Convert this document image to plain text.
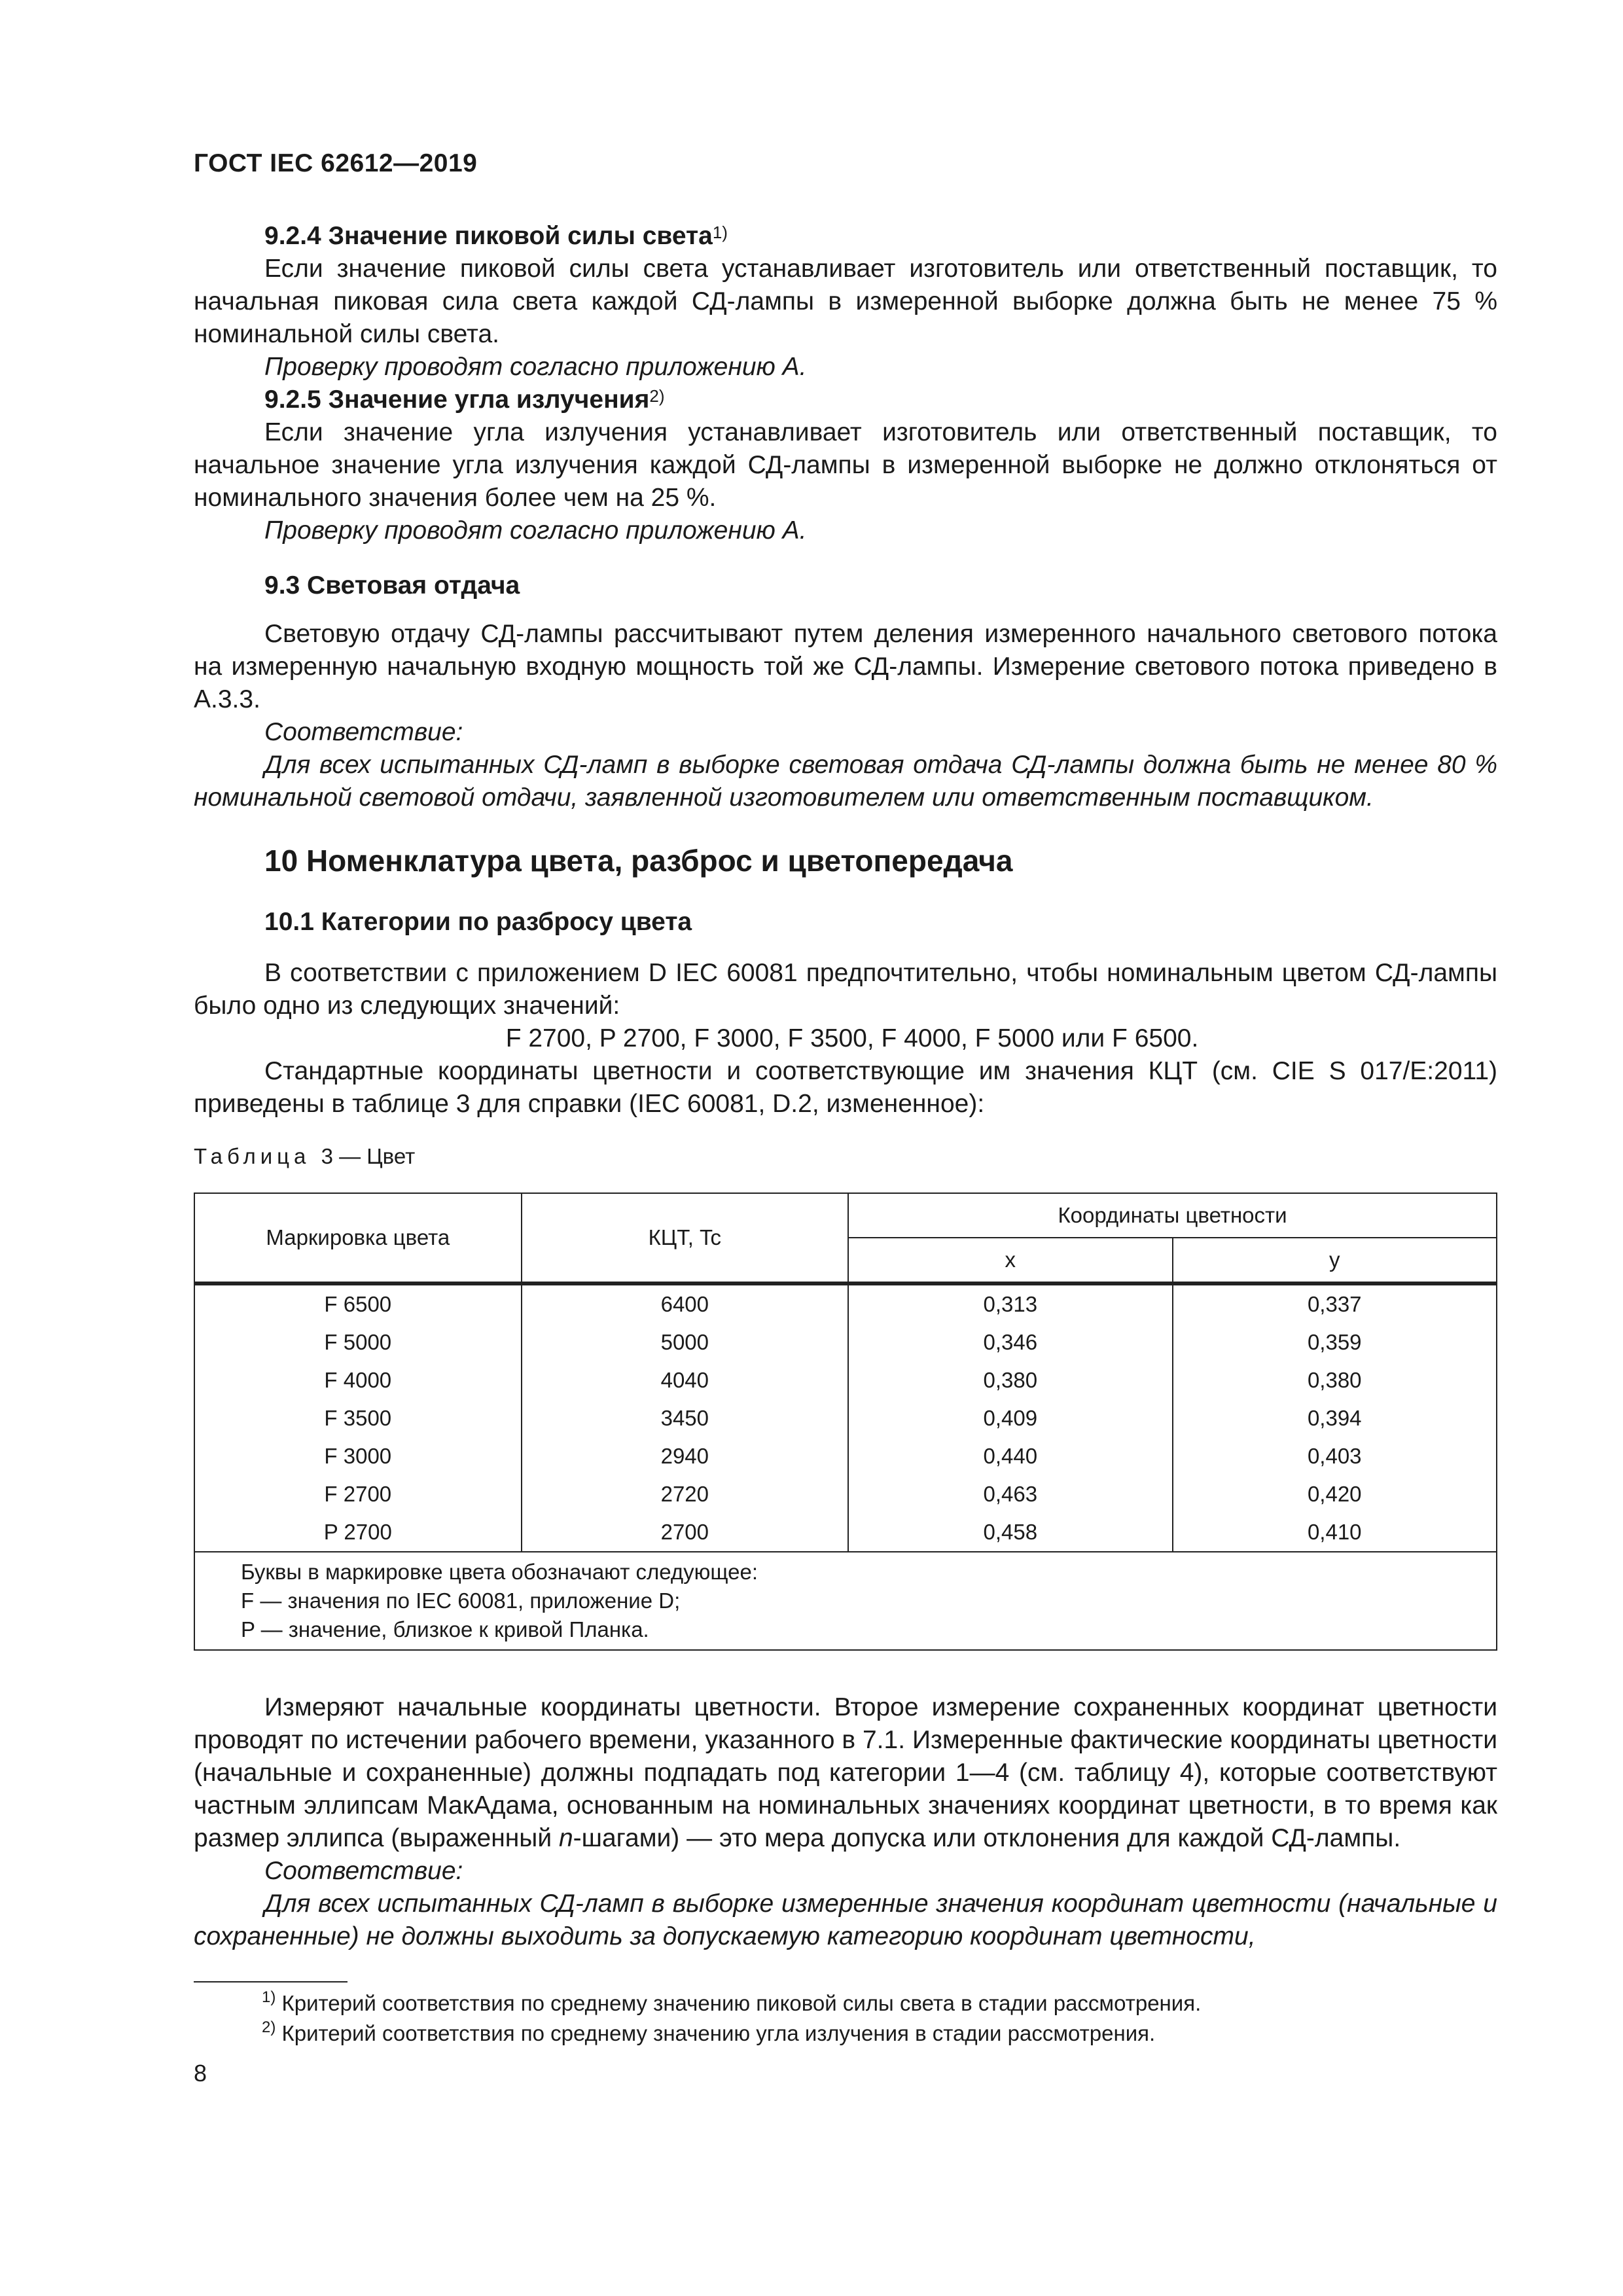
ГОСТ IEC 62612—2019

9.2.4 Значение пиковой силы света$^{1)}$

Если значение пиковой силы света устанавливает изготовитель или ответственный поставщик, то начальная пиковая сила света каждой СД-лампы в измеренной выборке должна быть не менее 75 % номинальной силы света.

Проверку проводят согласно приложению А.

9.2.5 Значение угла излучения$^{2)}$

Если значение угла излучения устанавливает изготовитель или ответственный поставщик, то начальное значение угла излучения каждой СД-лампы в измеренной выборке не должно отклоняться от номинального значения более чем на 25 %.

Проверку проводят согласно приложению А.

9.3 Световая отдача

Световую отдачу СД-лампы рассчитывают путем деления измеренного начального светового потока на измеренную начальную входную мощность той же СД-лампы. Измерение светового потока приведено в А.3.3.

Соответствие:

Для всех испытанных СД-ламп в выборке световая отдача СД-лампы должна быть не менее 80 % номинальной световой отдачи, заявленной изготовителем или ответственным поставщиком.

10 Номенклатура цвета, разброс и цветопередача

10.1 Категории по разбросу цвета

В соответствии с приложением D IEC 60081 предпочтительно, чтобы номинальным цветом СД-лампы было одно из следующих значений:

F 2700, P 2700, F 3000, F 3500, F 4000, F 5000 или F 6500.

Стандартные координаты цветности и соответствующие им значения КЦТ (см. CIE S 017/E:2011) приведены в таблице 3 для справки (IEC 60081, D.2, измененное):

Таблица 3 — Цвет
Маркировка цвета	КЦТ, Tc	Координаты цветности	
		x	y
F 6500	6400	0,313	0,337
F 5000	5000	0,346	0,359
F 4000	4040	0,380	0,380
F 3500	3450	0,409	0,394
F 3000	2940	0,440	0,403
F 2700	2720	0,463	0,420
P 2700	2700	0,458	0,410

Буквы в маркировке цвета обозначают следующее:
F — значения по IEC 60081, приложение D;
P — значение, близкое к кривой Планка.			

Измеряют начальные координаты цветности. Второе измерение сохраненных координат цветности проводят по истечении рабочего времени, указанного в 7.1. Измеренные фактические координаты цветности (начальные и сохраненные) должны подпадать под категории 1—4 (см. таблицу 4), которые соответствуют частным эллипсам МакАдама, основанным на номинальных значениях координат цветности, в то время как размер эллипса (выраженный n-шагами) — это мера допуска или отклонения для каждой СД-лампы.

Соответствие:

Для всех испытанных СД-ламп в выборке измеренные значения координат цветности (начальные и сохраненные) не должны выходить за допускаемую категорию координат цветности,

$^{1)}$ Критерий соответствия по среднему значению пиковой силы света в стадии рассмотрения.
$^{2)}$ Критерий соответствия по среднему значению угла излучения в стадии рассмотрения.
8
